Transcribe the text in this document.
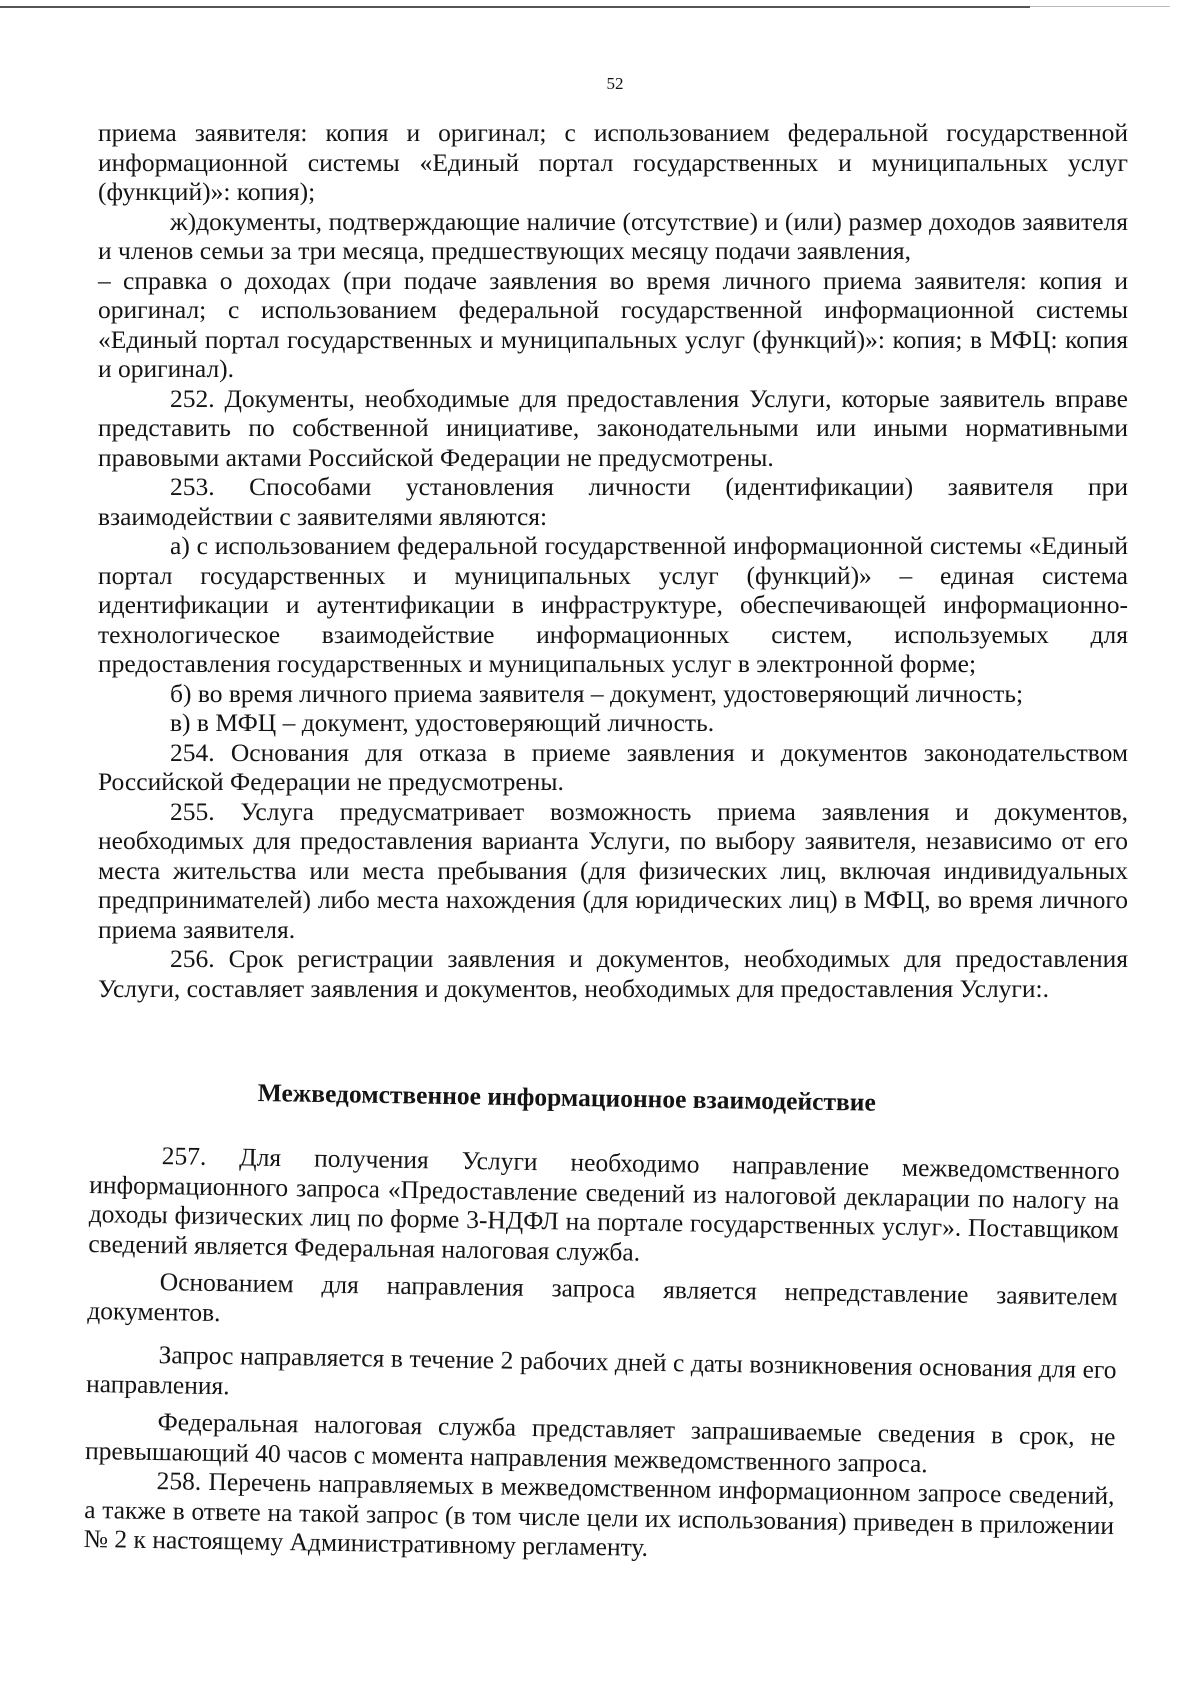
52

приема заявителя: копия и оригинал; с использованием федеральной государственной информационной системы «Единый портал государственных и муниципальных услуг (функций)»: копия);

ж)документы, подтверждающие наличие (отсутствие) и (или) размер доходов заявителя и членов семьи за три месяца, предшествующих месяцу подачи заявления,

– справка о доходах (при подаче заявления во время личного приема заявителя: копия и оригинал; с использованием федеральной государственной информационной системы «Единый портал государственных и муниципальных услуг (функций)»: копия; в МФЦ: копия и оригинал).

252. Документы, необходимые для предоставления Услуги, которые заявитель вправе представить по собственной инициативе, законодательными или иными нормативными правовыми актами Российской Федерации не предусмотрены.

253. Способами установления личности (идентификации) заявителя при взаимодействии с заявителями являются:

а) с использованием федеральной государственной информационной системы «Единый портал государственных и муниципальных услуг (функций)» – единая система идентификации и аутентификации в инфраструктуре, обеспечивающей информационно-технологическое взаимодействие информационных систем, используемых для предоставления государственных и муниципальных услуг в электронной форме;

б) во время личного приема заявителя – документ, удостоверяющий личность;

в) в МФЦ – документ, удостоверяющий личность.

254. Основания для отказа в приеме заявления и документов законодательством Российской Федерации не предусмотрены.

255. Услуга предусматривает возможность приема заявления и документов, необходимых для предоставления варианта Услуги, по выбору заявителя, независимо от его места жительства или места пребывания (для физических лиц, включая индивидуальных предпринимателей) либо места нахождения (для юридических лиц) в МФЦ, во время личного приема заявителя.

256. Срок регистрации заявления и документов, необходимых для предоставления Услуги, составляет заявления и документов, необходимых для предоставления Услуги:.

Межведомственное информационное взаимодействие

257. Для получения Услуги необходимо направление межведомственного информационного запроса «Предоставление сведений из налоговой декларации по налогу на доходы физических лиц по форме 3-НДФЛ на портале государственных услуг». Поставщиком сведений является Федеральная налоговая служба.

Основанием для направления запроса является непредставление заявителем документов.

Запрос направляется в течение 2 рабочих дней с даты возникновения основания для его направления.

Федеральная налоговая служба представляет запрашиваемые сведения в срок, не превышающий 40 часов с момента направления межведомственного запроса.

258. Перечень направляемых в межведомственном информационном запросе сведений, а также в ответе на такой запрос (в том числе цели их использования) приведен в приложении № 2 к настоящему Административному регламенту.
